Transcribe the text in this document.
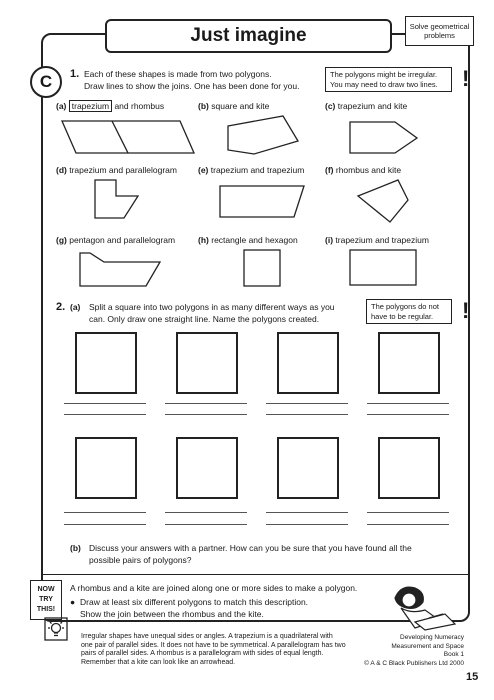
Just imagine	Solve geometrical problems
C	1. Each of these shapes is made from two polygons.
Draw lines to show the joins. One has been done for you.
The polygons might be irregular. You may need to draw two lines.	!
(a) trapezium and rhombus	(b) square and kite	(c) trapezium and kite
(d) trapezium and parallelogram (e) trapezium and trapezium (f) rhombus and kite
(g) pentagon and parallelogram	(h) rectangle and hexagon	(i) trapezium and trapezium
2. (a) Split a square into two polygons in as many different ways as you
can. Only draw one straight line. Name the polygons created.
The polygons do not have to be regular.	!
(b) Discuss your answers with a partner. How can you be sure that you have found all the
possible pairs of polygons?
NOW
TRY
THIS!
A rhombus and a kite are joined along one or more sides to make a polygon.
● Draw at least six different polygons to match this description.
Show the join between the rhombus and the kite.
Irregular shapes have unequal sides or angles. A trapezium is a quadrilateral with one pair of parallel sides. It does not have to be symmetrical. A parallelogram has two pairs of parallel sides. A rhombus is a parallelogram with sides of equal length. Remember that a kite can look like an arrowhead.
Developing Numeracy
Measurement and Space
Book 1
© A & C Black Publishers Ltd 2000
15
